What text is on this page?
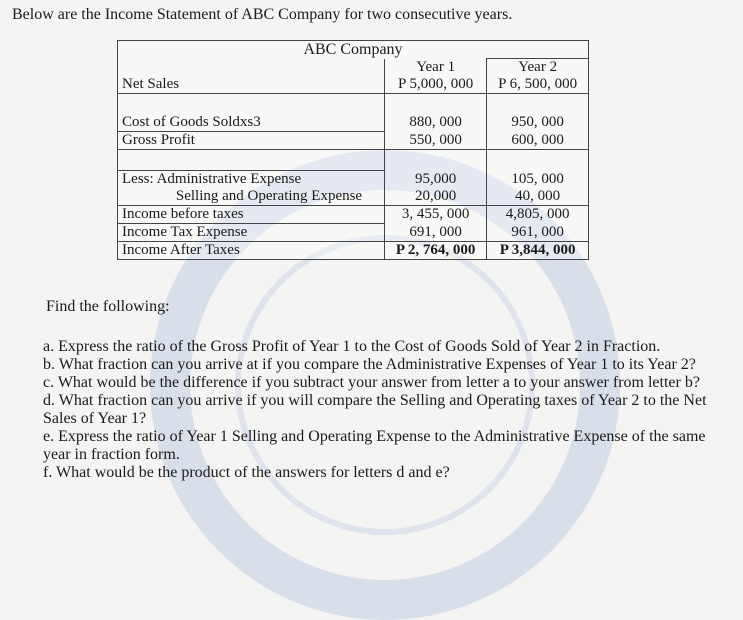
Below are the Income Statement of ABC Company for two consecutive years.
ABC Company		
	Year 1	Year 2
Net Sales	P 5,000, 000	P 6, 500, 000

Cost of Goods Soldxs3	880, 000	950, 000
Gross Profit	550, 000	600, 000

Less: Administrative Expense	95,000	105, 000
Selling and Operating Expense	20,000	40, 000
Income before taxes	3, 455, 000	4,805, 000
Income Tax Expense	691, 000	961, 000
Income After Taxes	P 2, 764, 000	P 3,844, 000
Find the following:

a. Express the ratio of the Gross Profit of Year 1 to the Cost of Goods Sold of Year 2 in Fraction.

b. What fraction can you arrive at if you compare the Administrative Expenses of Year 1 to its Year 2?

c. What would be the difference if you subtract your answer from letter a to your answer from letter b?

d. What fraction can you arrive if you will compare the Selling and Operating taxes of Year 2 to the Net Sales of Year 1?

e. Express the ratio of Year 1 Selling and Operating Expense to the Administrative Expense of the same year in fraction form.

f. What would be the product of the answers for letters d and e?
